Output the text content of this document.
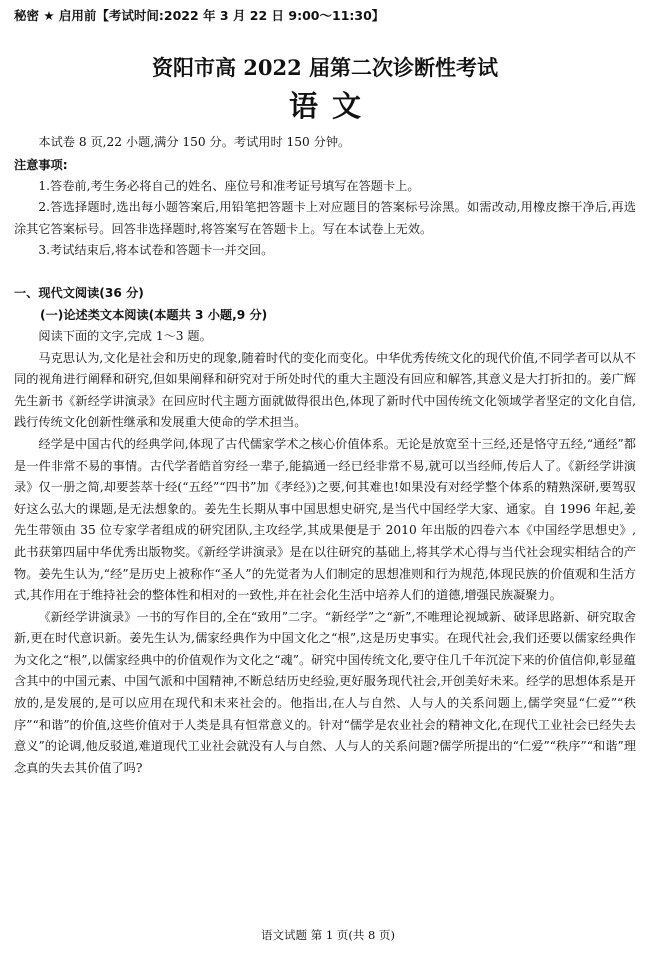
秘密 ★ 启用前【考试时间:2022 年 3 月 22 日 9:00～11:30】
资阳市高 2022 届第二次诊断性考试
语文

本试卷 8 页,22 小题,满分 150 分。考试用时 150 分钟。

注意事项:

1.答卷前,考生务必将自己的姓名、座位号和准考证号填写在答题卡上。

2.答选择题时,选出每小题答案后,用铅笔把答题卡上对应题目的答案标号涂黑。如需改动,用橡皮擦干净后,再选涂其它答案标号。回答非选择题时,将答案写在答题卡上。写在本试卷上无效。

3.考试结束后,将本试卷和答题卡一并交回。

一、现代文阅读(36 分)
(一)论述类文本阅读(本题共 3 小题,9 分)

阅读下面的文字,完成 1～3 题。

马克思认为,文化是社会和历史的现象,随着时代的变化而变化。中华优秀传统文化的现代价值,不同学者可以从不同的视角进行阐释和研究,但如果阐释和研究对于所处时代的重大主题没有回应和解答,其意义是大打折扣的。姜广辉先生新书《新经学讲演录》在回应时代主题方面就做得很出色,体现了新时代中国传统文化领域学者坚定的文化自信,践行传统文化创新性继承和发展重大使命的学术担当。

经学是中国古代的经典学问,体现了古代儒家学术之核心价值体系。无论是放宽至十三经,还是恪守五经,“通经”都是一件非常不易的事情。古代学者皓首穷经一辈子,能搞通一经已经非常不易,就可以当经师,传后人了。《新经学讲演录》仅一册之简,却要荟萃十经(“五经”“四书”加《孝经》)之要,何其难也!如果没有对经学整个体系的精熟深研,要驾驭好这么弘大的课题,是无法想象的。姜先生长期从事中国思想史研究,是当代中国经学大家、通家。自 1996 年起,姜先生带领由 35 位专家学者组成的研究团队,主攻经学,其成果便是于 2010 年出版的四卷六本《中国经学思想史》,此书获第四届中华优秀出版物奖。《新经学讲演录》是在以往研究的基础上,将其学术心得与当代社会现实相结合的产物。姜先生认为,“经”是历史上被称作“圣人”的先觉者为人们制定的思想准则和行为规范,体现民族的价值观和生活方式,其作用在于维持社会的整体性和相对的一致性,并在社会化生活中培养人们的道德,增强民族凝聚力。

《新经学讲演录》一书的写作目的,全在“致用”二字。“新经学”之“新”,不唯理论视域新、破译思路新、研究取舍新,更在时代意识新。姜先生认为,儒家经典作为中国文化之“根”,这是历史事实。在现代社会,我们还要以儒家经典作为文化之“根”,以儒家经典中的价值观作为文化之“魂”。研究中国传统文化,要守住几千年沉淀下来的价值信仰,彰显蕴含其中的中国元素、中国气派和中国精神,不断总结历史经验,更好服务现代社会,开创美好未来。经学的思想体系是开放的,是发展的,是可以应用在现代和未来社会的。他指出,在人与自然、人与人的关系问题上,儒学突显“仁爱”“秩序”“和谐”的价值,这些价值对于人类是具有恒常意义的。针对“儒学是农业社会的精神文化,在现代工业社会已经失去意义”的论调,他反驳道,难道现代工业社会就没有人与自然、人与人的关系问题?儒学所提出的“仁爱”“秩序”“和谐”理念真的失去其价值了吗?

语文试题 第 1 页(共 8 页)
